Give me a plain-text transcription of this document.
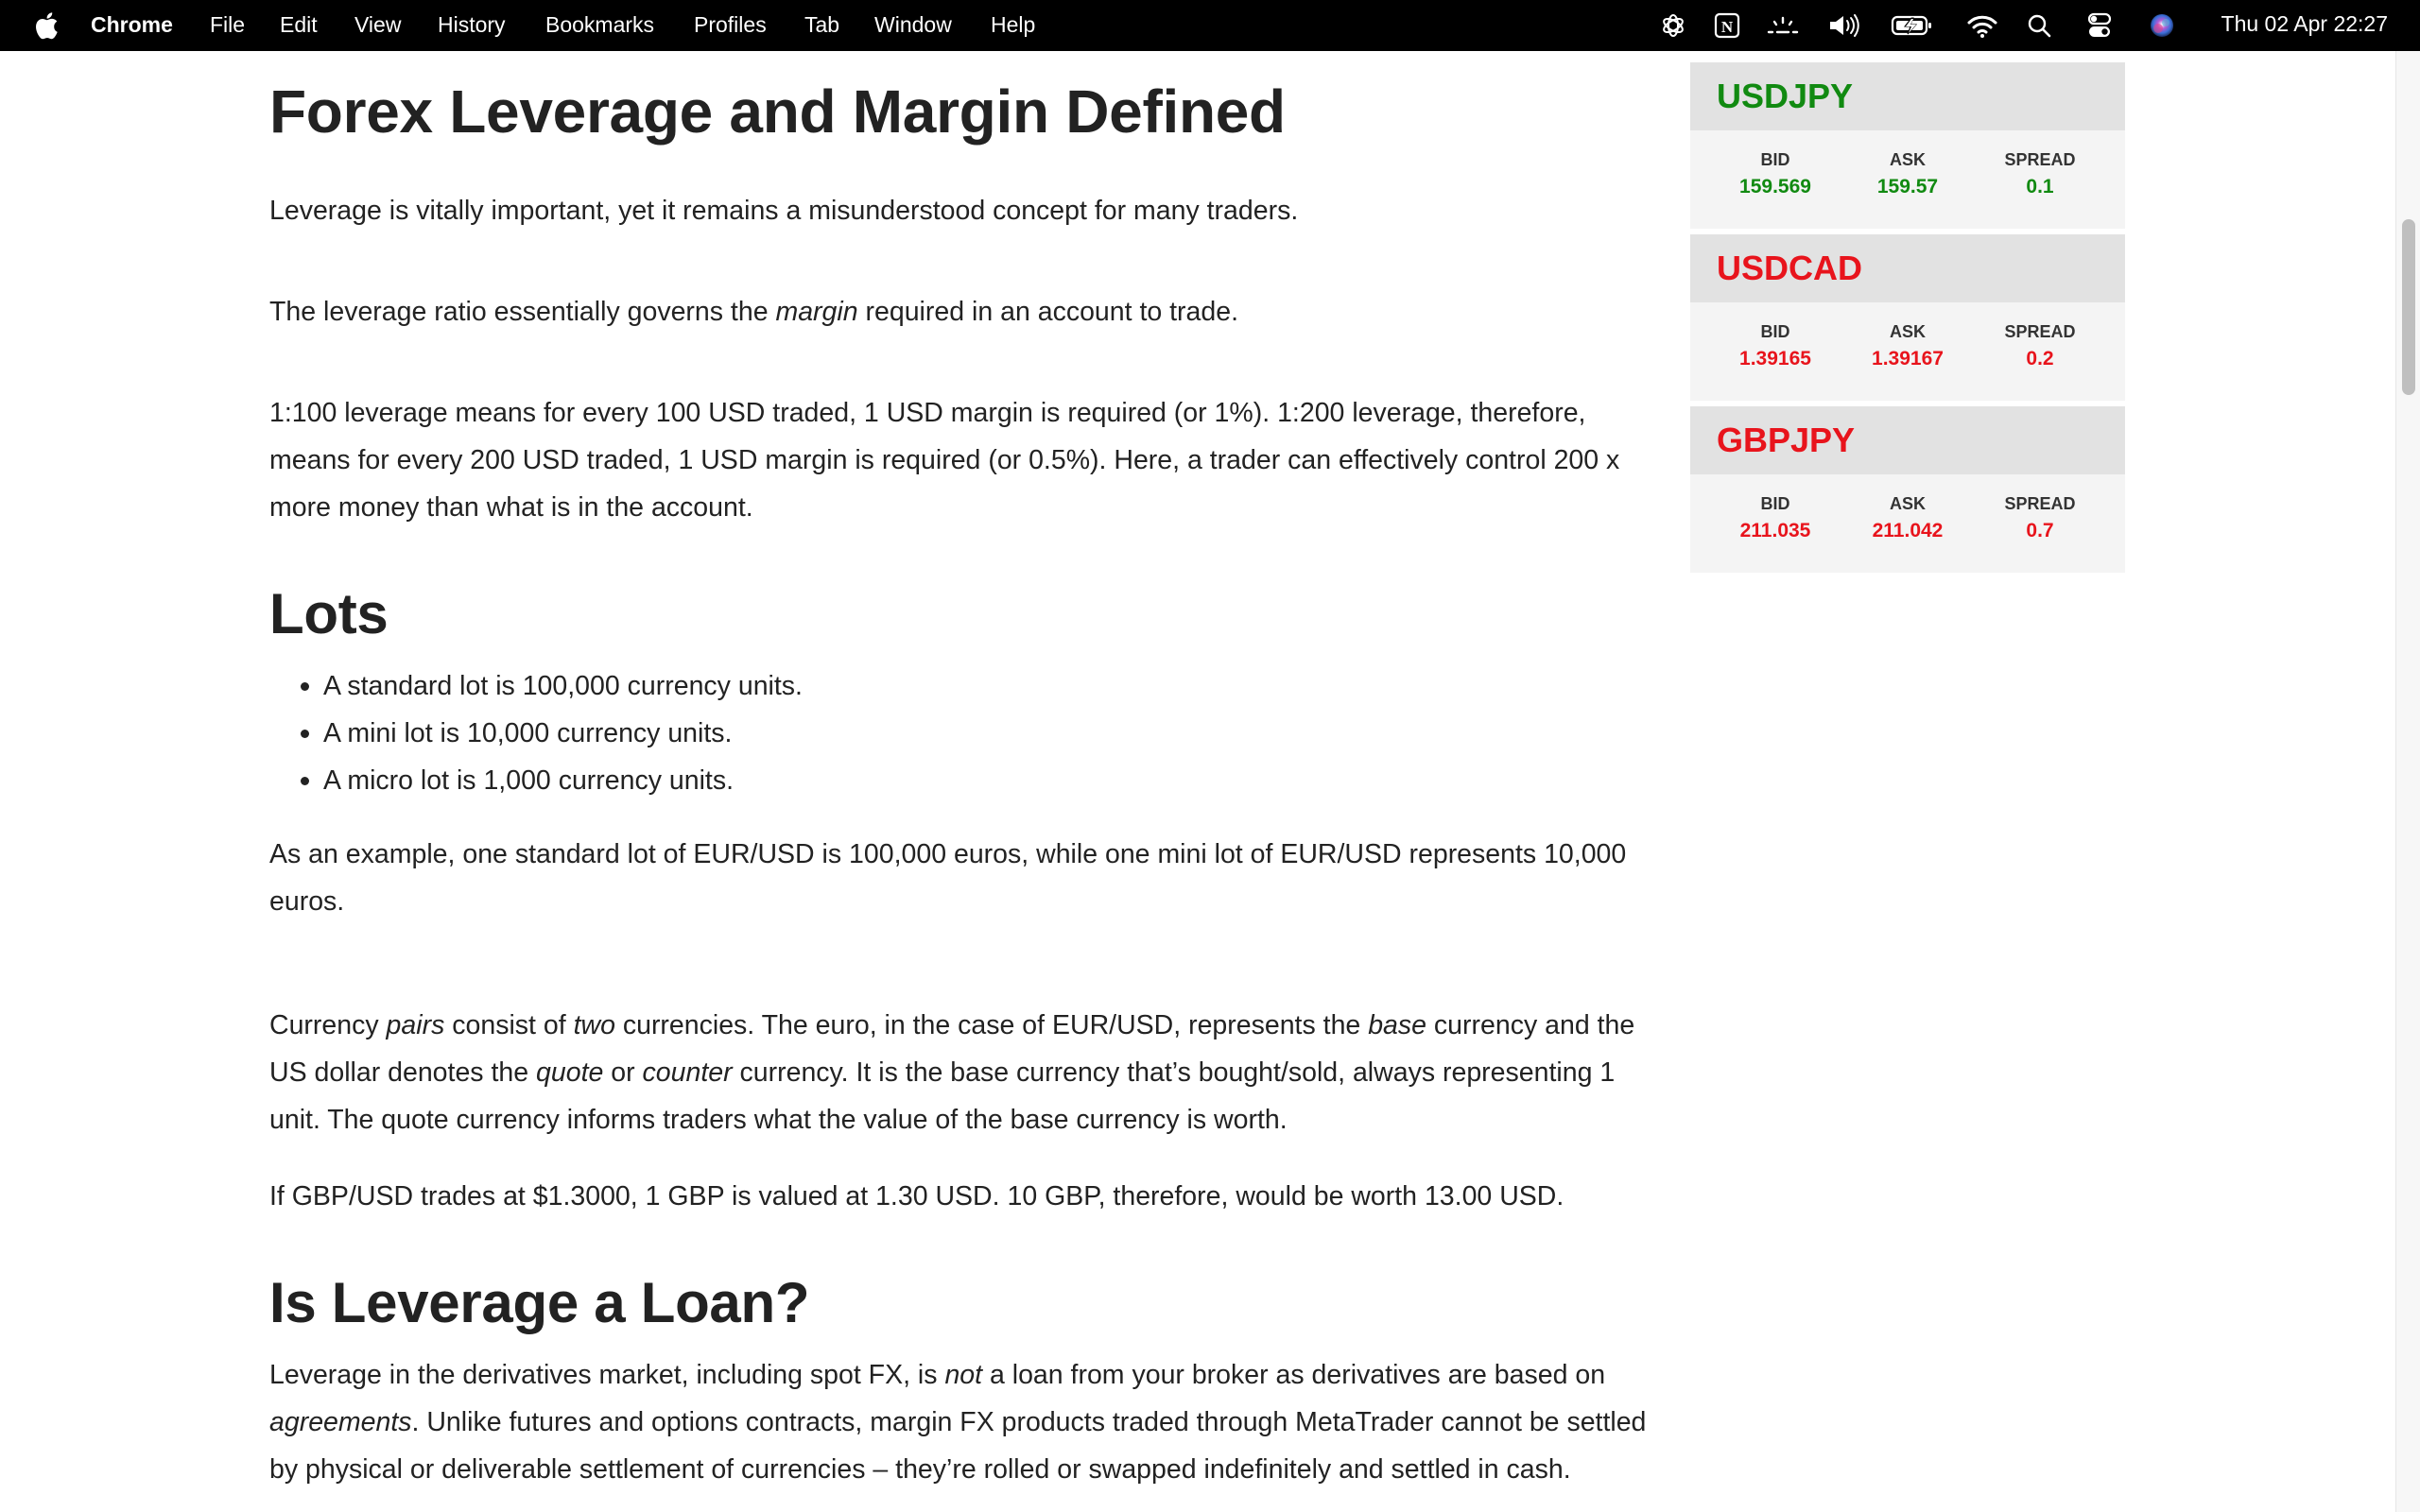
Chrome File Edit View History Bookmarks Profiles Tab Window Help	N	Thu 02 Apr 22:27
Forex Leverage and Margin Defined

Leverage is vitally important, yet it remains a misunderstood concept for many traders.

The leverage ratio essentially governs the margin required in an account to trade.

1:100 leverage means for every 100 USD traded, 1 USD margin is required (or 1%). 1:200 leverage, therefore, means for every 200 USD traded, 1 USD margin is required (or 0.5%). Here, a trader can effectively control 200 x more money than what is in the account.

Lots
A standard lot is 100,000 currency units.
A mini lot is 10,000 currency units.
A micro lot is 1,000 currency units.

As an example, one standard lot of EUR/USD is 100,000 euros, while one mini lot of EUR/USD represents 10,000 euros.

Currency pairs consist of two currencies. The euro, in the case of EUR/USD, represents the base currency and the US dollar denotes the quote or counter currency. It is the base currency that’s bought/sold, always representing 1 unit. The quote currency informs traders what the value of the base currency is worth.

If GBP/USD trades at $1.3000, 1 GBP is valued at 1.30 USD. 10 GBP, therefore, would be worth 13.00 USD.

Is Leverage a Loan?

Leverage in the derivatives market, including spot FX, is not a loan from your broker as derivatives are based on agreements. Unlike futures and options contracts, margin FX products traded through MetaTrader cannot be settled by physical or deliverable settlement of currencies – they’re rolled or swapped indefinitely and settled in cash.

USDJPY
BID
159.569
ASK
159.57
SPREAD
0.1
USDCAD
BID
1.39165
ASK
1.39167
SPREAD
0.2
GBPJPY
BID
211.035
ASK
211.042
SPREAD
0.7
